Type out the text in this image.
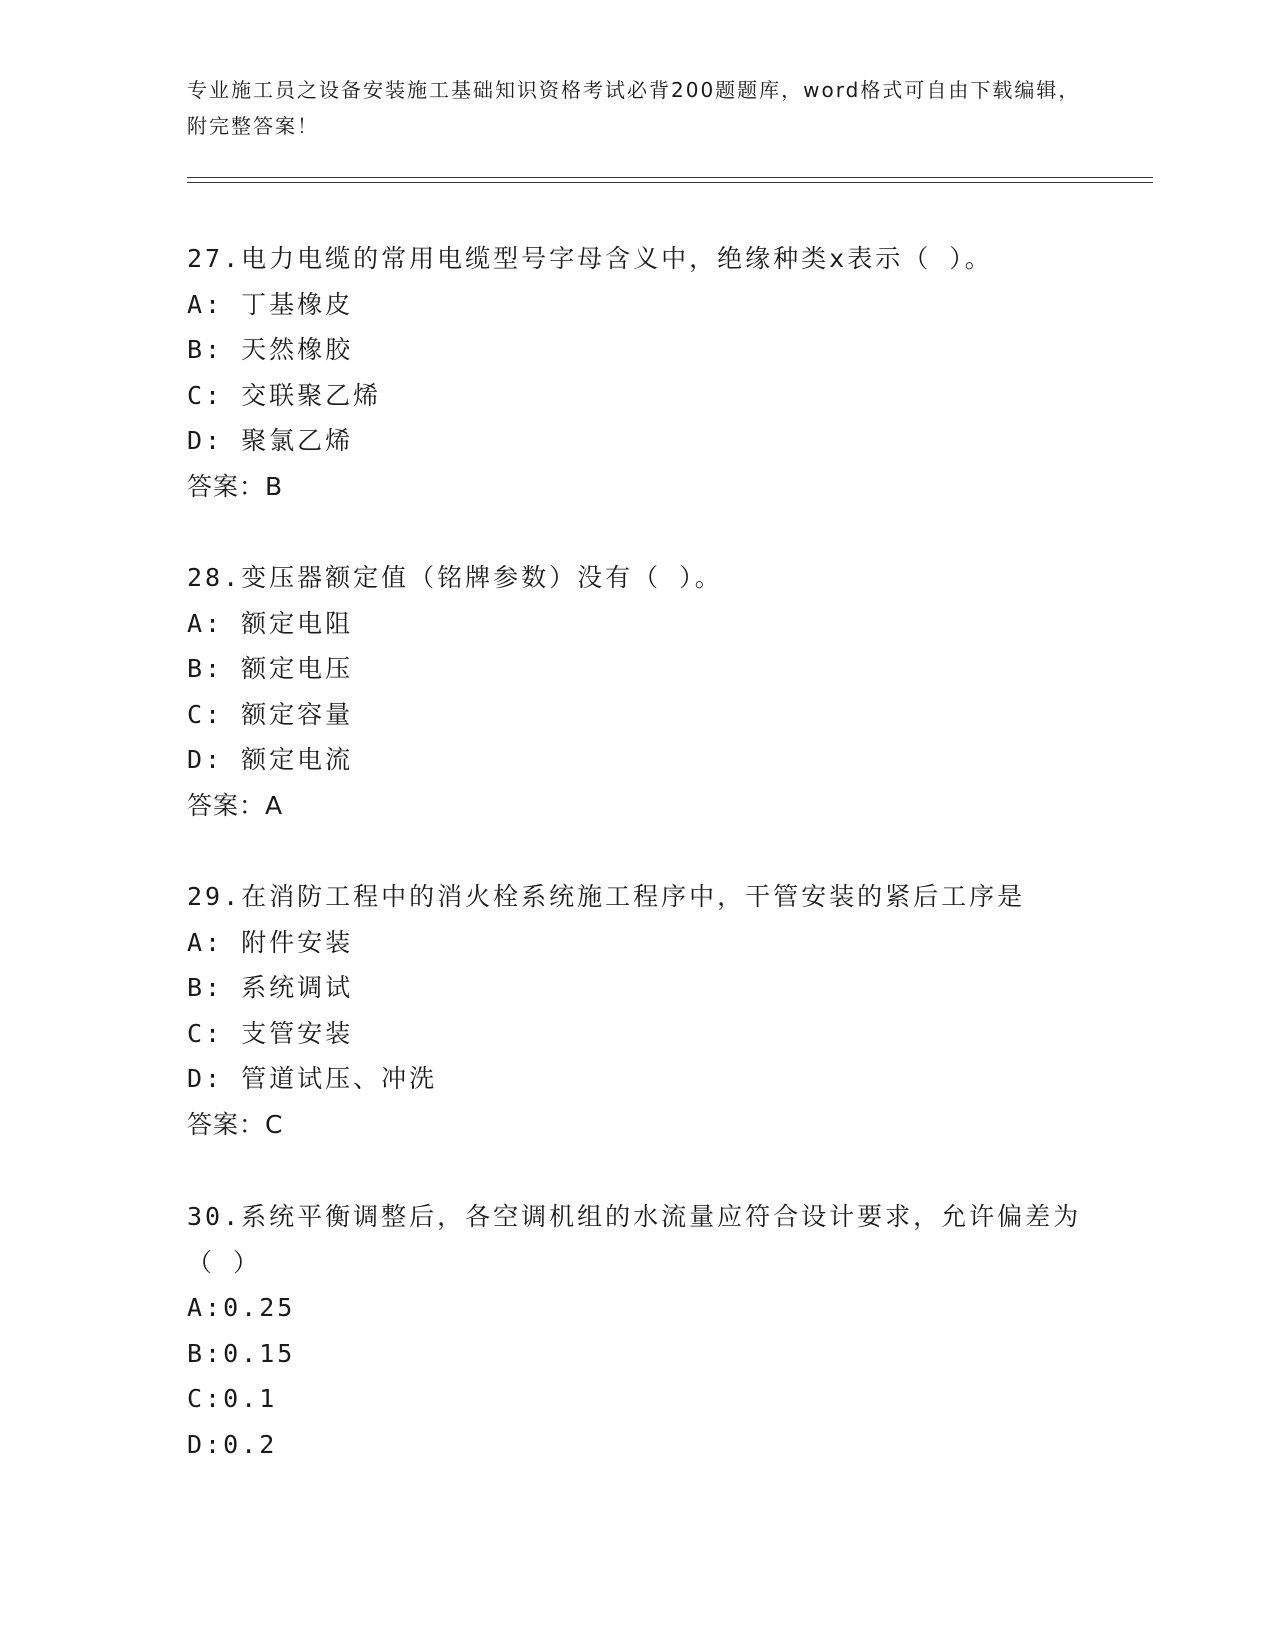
专业施工员之设备安装施工基础知识资格考试必背200题题库，word格式可自由下载编辑，附完整答案！

27.电力电缆的常用电缆型号字母含义中，绝缘种类x表示（ ）。

A: 丁基橡皮

B: 天然橡胶

C: 交联聚乙烯

D: 聚氯乙烯

答案：B

28.变压器额定值（铭牌参数）没有（ ）。

A: 额定电阻

B: 额定电压

C: 额定容量

D: 额定电流

答案：A

29.在消防工程中的消火栓系统施工程序中，干管安装的紧后工序是

A: 附件安装

B: 系统调试

C: 支管安装

D: 管道试压、冲洗

答案：C

30.系统平衡调整后，各空调机组的水流量应符合设计要求，允许偏差为（ ）

A:0.25

B:0.15

C:0.1

D:0.2
